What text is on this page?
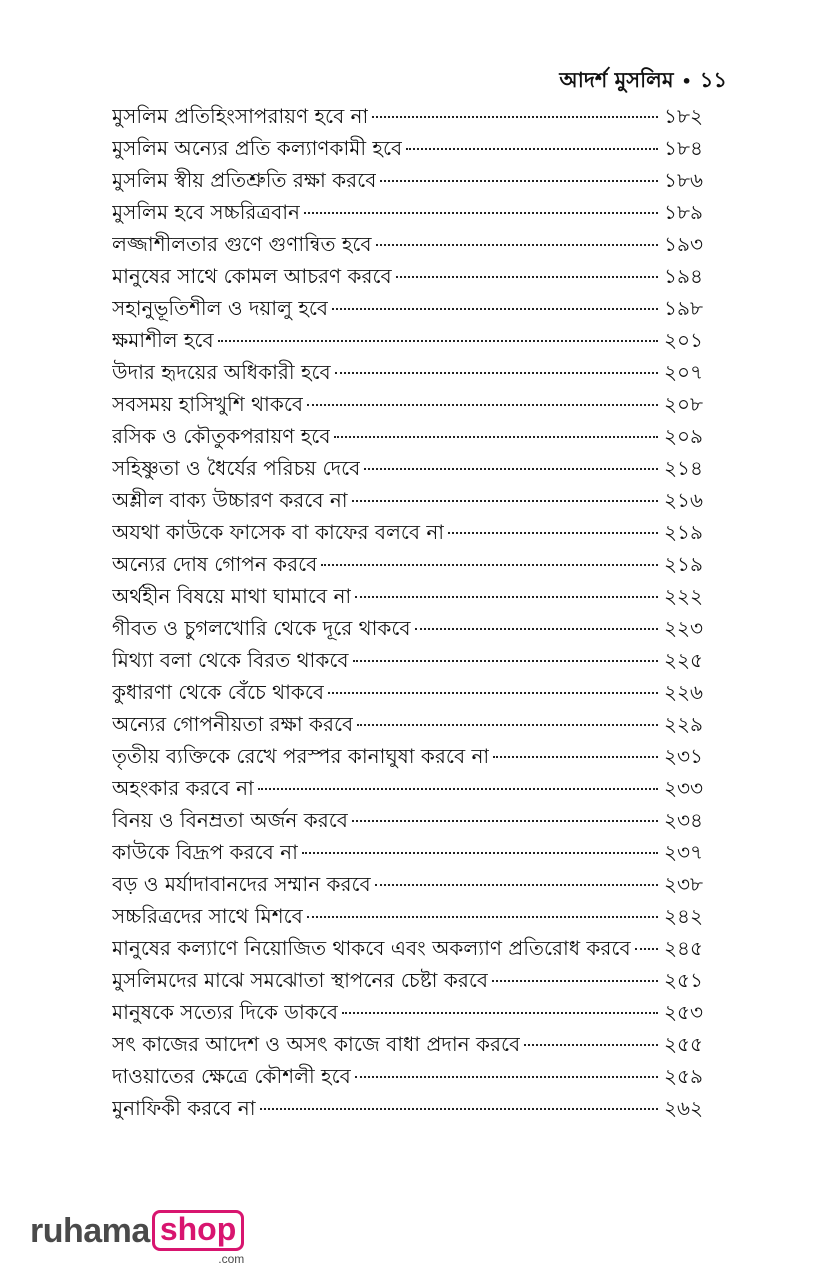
আদর্শ মুসলিম • ১১
মুসলিম প্রতিহিংসাপরায়ণ হবে না	১৮২
মুসলিম অন্যের প্রতি কল্যাণকামী হবে	১৮৪
মুসলিম স্বীয় প্রতিশ্রুতি রক্ষা করবে	১৮৬
মুসলিম হবে সচ্চরিত্রবান	১৮৯
লজ্জাশীলতার গুণে গুণান্বিত হবে	১৯৩
মানুষের সাথে কোমল আচরণ করবে	১৯৪
সহানুভূতিশীল ও দয়ালু হবে	১৯৮
ক্ষমাশীল হবে	২০১
উদার হৃদয়ের অধিকারী হবে	২০৭
সবসময় হাসিখুশি থাকবে	২০৮
রসিক ও কৌতুকপরায়ণ হবে	২০৯
সহিষ্ণুতা ও ধৈর্যের পরিচয় দেবে	২১৪
অশ্লীল বাক্য উচ্চারণ করবে না	২১৬
অযথা কাউকে ফাসেক বা কাফের বলবে না	২১৯
অন্যের দোষ গোপন করবে	২১৯
অর্থহীন বিষয়ে মাথা ঘামাবে না	২২২
গীবত ও চুগলখোরি থেকে দূরে থাকবে	২২৩
মিথ্যা বলা থেকে বিরত থাকবে	২২৫
কুধারণা থেকে বেঁচে থাকবে	২২৬
অন্যের গোপনীয়তা রক্ষা করবে	২২৯
তৃতীয় ব্যক্তিকে রেখে পরস্পর কানাঘুষা করবে না	২৩১
অহংকার করবে না	২৩৩
বিনয় ও বিনম্রতা অর্জন করবে	২৩৪
কাউকে বিদ্রূপ করবে না	২৩৭
বড় ও মর্যাদাবানদের সম্মান করবে	২৩৮
সচ্চরিত্রদের সাথে মিশবে	২৪২
মানুষের কল্যাণে নিয়োজিত থাকবে এবং অকল্যাণ প্রতিরোধ করবে ২৪৫
মুসলিমদের মাঝে সমঝোতা স্থাপনের চেষ্টা করবে	২৫১
মানুষকে সত্যের দিকে ডাকবে	২৫৩
সৎ কাজের আদেশ ও অসৎ কাজে বাধা প্রদান করবে	২৫৫
দাওয়াতের ক্ষেত্রে কৌশলী হবে	২৫৯
মুনাফিকী করবে না	২৬২
ruhama shop
.com
